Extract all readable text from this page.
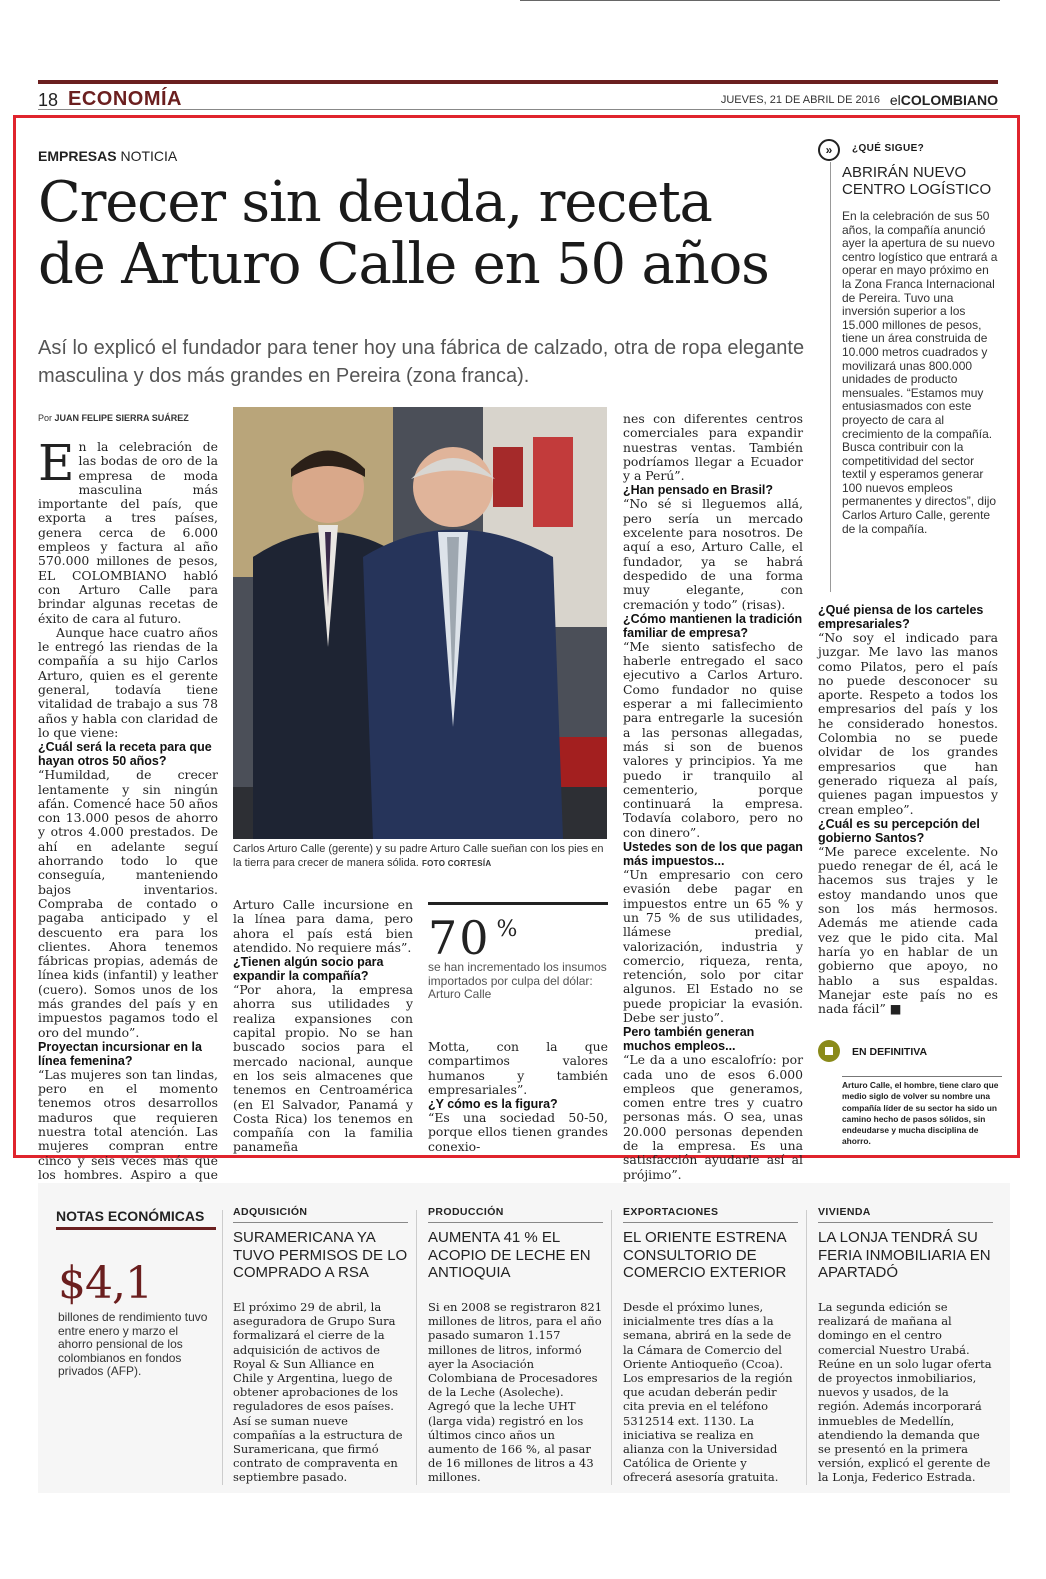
18 ECONOMÍA	JUEVES, 21 DE ABRIL DE 2016 elCOLOMBIANO
EMPRESAS NOTICIA
Crecer sin deuda, receta
de Arturo Calle en 50 años

Así lo explicó el fundador para tener hoy una fábrica de calzado, otra de ropa elegante masculina y dos más grandes en Pereira (zona franca).

Por JUAN FELIPE SIERRA SUÁREZ

En la celebración de las bodas de oro de la empresa de moda masculina más importante del país, que exporta a tres países, genera cerca de 6.000 empleos y factura al año 570.000 millones de pesos, EL COLOMBIANO habló con Arturo Calle para brindar algunas recetas de éxito de cara al futuro.

Aunque hace cuatro años le entregó las riendas de la compañía a su hijo Carlos Arturo, quien es el gerente general, todavía tiene vitalidad de trabajo a sus 78 años y habla con claridad de lo que viene:

¿Cuál será la receta para que hayan otros 50 años?

“Humildad, de crecer lentamente y sin ningún afán. Comencé hace 50 años con 13.000 pesos de ahorro y otros 4.000 prestados. De ahí en adelante seguí ahorrando todo lo que conseguía, manteniendo bajos inventarios. Compraba de contado o pagaba anticipado y el descuento era para los clientes. Ahora tenemos fábricas propias, además de línea kids (infantil) y leather (cuero). Somos unos de los más grandes del país y en impuestos pagamos todo el oro del mundo”.

Proyectan incursionar en la línea femenina?

“Las mujeres son tan lindas, pero en el momento tenemos otros desarrollos maduros que requieren nuestra total atención. Las mujeres compran entre cinco y seis veces más que los hombres. Aspiro a que

Carlos Arturo Calle (gerente) y su padre Arturo Calle sueñan con los pies en la tierra para crecer de manera sólida. FOTO CORTESÍA

Arturo Calle incursione en la línea para dama, pero ahora el país está bien atendido. No requiere más”.

¿Tienen algún socio para expandir la compañía?

“Por ahora, la empresa ahorra sus utilidades y realiza expansiones con capital propio. No se han buscado socios para el mercado nacional, aunque en los seis almacenes que tenemos en Centroamérica (en El Salvador, Panamá y Costa Rica) los tenemos en compañía con la familia panameña

70 %
se han incrementado los insumos importados por culpa del dólar: Arturo Calle

Motta, con la que compartimos valores humanos y también empresariales”.

¿Y cómo es la figura?

“Es una sociedad 50-50, porque ellos tienen grandes conexio-

nes con diferentes centros comerciales para expandir nuestras ventas. También podríamos llegar a Ecuador y a Perú”.

¿Han pensado en Brasil?

“No sé si lleguemos allá, pero sería un mercado excelente para nosotros. De aquí a eso, Arturo Calle, el fundador, ya se habrá despedido de una forma muy elegante, con cremación y todo” (risas).

¿Cómo mantienen la tradición familiar de empresa?

“Me siento satisfecho de haberle entregado el saco ejecutivo a Carlos Arturo. Como fundador no quise esperar a mi fallecimiento para entregarle la sucesión a las personas allegadas, más si son de buenos valores y principios. Ya me puedo ir tranquilo al cementerio, porque continuará la empresa. Todavía colaboro, pero no con dinero”.

Ustedes son de los que pagan más impuestos...

“Un empresario con cero evasión debe pagar en impuestos entre un 65 % y un 75 % de sus utilidades, llámese predial, valorización, industria y comercio, riqueza, renta, retención, solo por citar algunos. El Estado no se puede propiciar la evasión. Debe ser justo”.

Pero también generan muchos empleos...

“Le da a uno escalofrío: por cada uno de esos 6.000 empleos que generamos, comen entre tres y cuatro personas más. O sea, unas 20.000 personas dependen de la empresa. Es una satisfacción ayudarle así al prójimo”.

»	¿QUÉ SIGUE?
ABRIRÁN NUEVO CENTRO LOGÍSTICO
En la celebración de sus 50 años, la compañía anunció ayer la apertura de su nuevo centro logístico que entrará a operar en mayo próximo en la Zona Franca Internacional de Pereira. Tuvo una inversión superior a los 15.000 millones de pesos, tiene un área construida de 10.000 metros cuadrados y movilizará unas 800.000 unidades de producto mensuales. “Estamos muy entusiasmados con este proyecto de cara al crecimiento de la compañía. Busca contribuir con la competitividad del sector textil y esperamos generar 100 nuevos empleos permanentes y directos”, dijo Carlos Arturo Calle, gerente de la compañía.

¿Qué piensa de los carteles empresariales?

“No soy el indicado para juzgar. Me lavo las manos como Pilatos, pero el país no puede desconocer su aporte. Respeto a todos los empresarios del país y los he considerado honestos. Colombia no se puede olvidar de los grandes empresarios que han generado riqueza al país, quienes pagan impuestos y crean empleo”.

¿Cuál es su percepción del gobierno Santos?

“Me parece excelente. No puedo renegar de él, acá le hacemos sus trajes y le estoy mandando unos que son los más hermosos. Además me atiende cada vez que le pido cita. Mal haría yo en hablar de un gobierno que apoyo, no hablo a sus espaldas. Manejar este país no es nada fácil” ■

EN DEFINITIVA
Arturo Calle, el hombre, tiene claro que medio siglo de volver su nombre una compañía líder de su sector ha sido un camino hecho de pasos sólidos, sin endeudarse y mucha disciplina de ahorro.
NOTAS ECONÓMICAS
$4,1
billones de rendimiento tuvo entre enero y marzo el ahorro pensional de los colombianos en fondos privados (AFP).
ADQUISICIÓN
SURAMERICANA YA TUVO PERMISOS DE LO COMPRADO A RSA
El próximo 29 de abril, la aseguradora de Grupo Sura formalizará el cierre de la adquisición de activos de Royal & Sun Alliance en Chile y Argentina, luego de obtener aprobaciones de los reguladores de esos países. Así se suman nueve compañías a la estructura de Suramericana, que firmó contrato de compraventa en septiembre pasado.
PRODUCCIÓN
AUMENTA 41 % EL ACOPIO DE LECHE EN ANTIOQUIA
Si en 2008 se registraron 821 millones de litros, para el año pasado sumaron 1.157 millones de litros, informó ayer la Asociación Colombiana de Procesadores de la Leche (Asoleche). Agregó que la leche UHT (larga vida) registró en los últimos cinco años un aumento de 166 %, al pasar de 16 millones de litros a 43 millones.
EXPORTACIONES
EL ORIENTE ESTRENA CONSULTORIO DE COMERCIO EXTERIOR
Desde el próximo lunes, inicialmente tres días a la semana, abrirá en la sede de la Cámara de Comercio del Oriente Antioqueño (Ccoa). Los empresarios de la región que acudan deberán pedir cita previa en el teléfono 5312514 ext. 1130. La iniciativa se realiza en alianza con la Universidad Católica de Oriente y ofrecerá asesoría gratuita.
VIVIENDA
LA LONJA TENDRÁ SU FERIA INMOBILIARIA EN APARTADÓ
La segunda edición se realizará de mañana al domingo en el centro comercial Nuestro Urabá. Reúne en un solo lugar oferta de proyectos inmobiliarios, nuevos y usados, de la región. Además incorporará inmuebles de Medellín, atendiendo la demanda que se presentó en la primera versión, explicó el gerente de la Lonja, Federico Estrada.
